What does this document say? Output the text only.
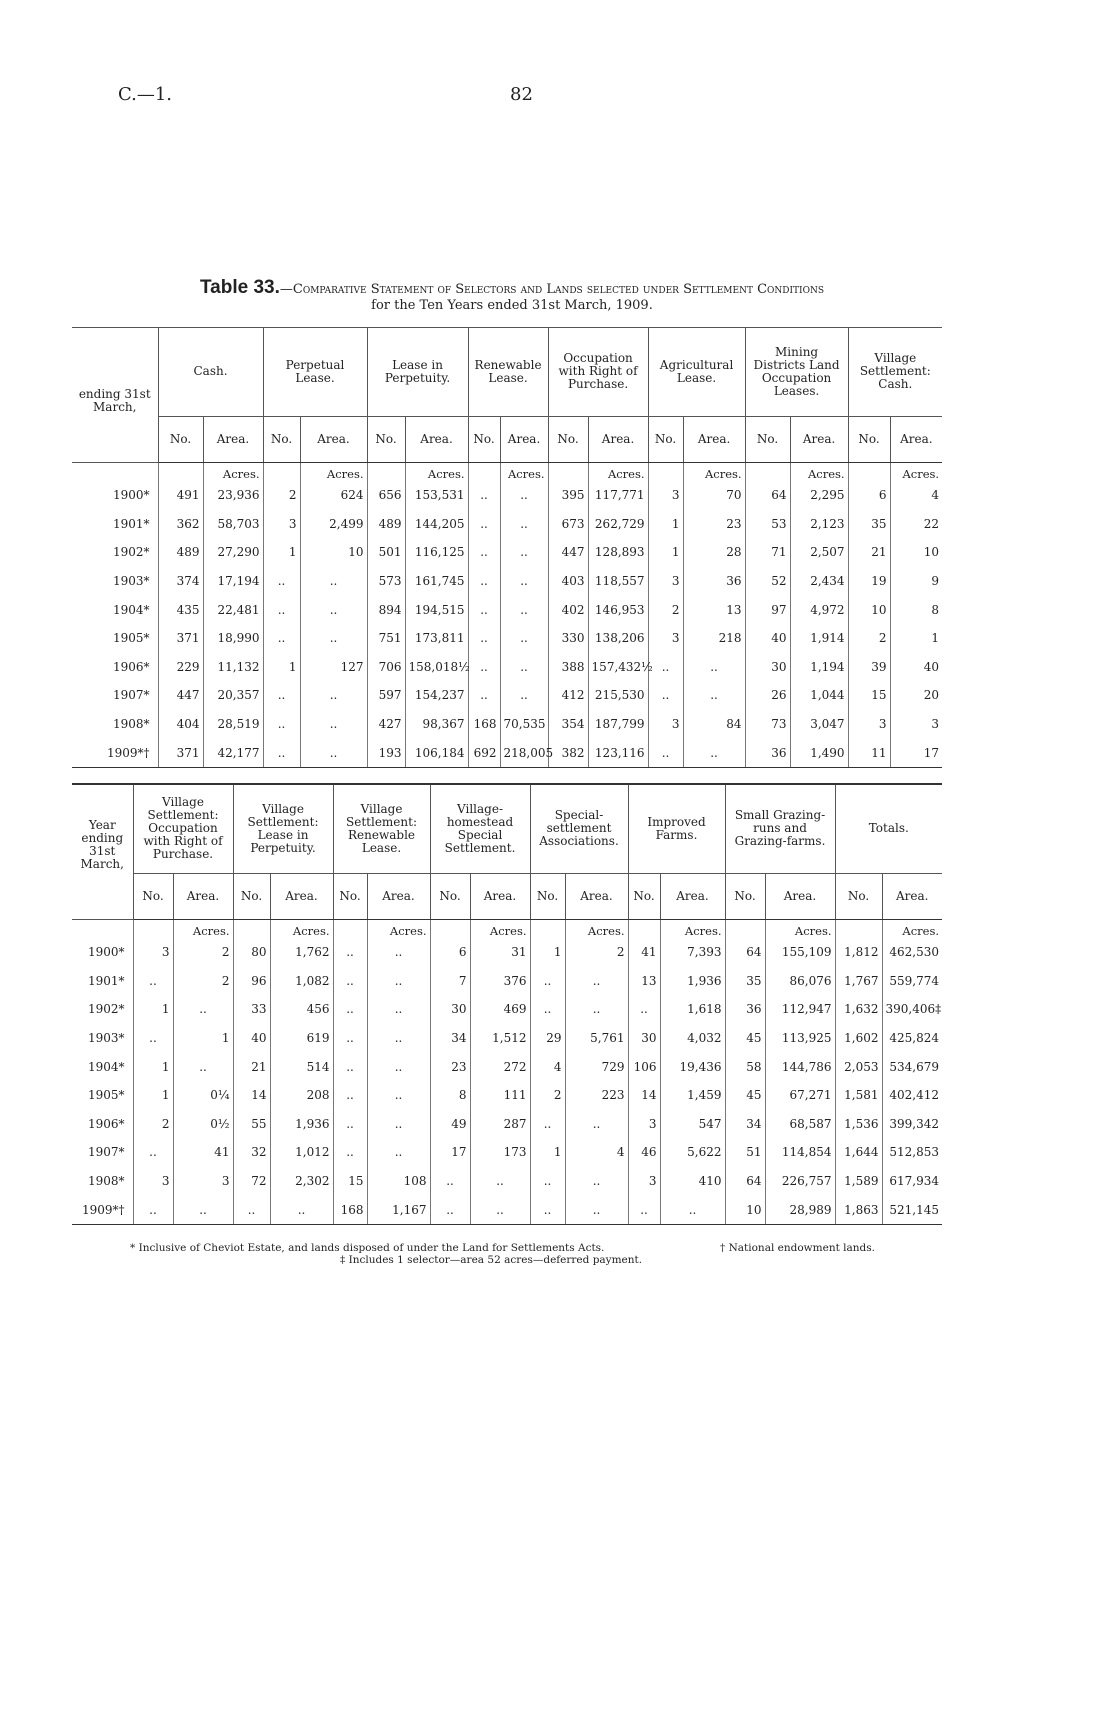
C.—1.	82
Table 33.—Comparative Statement of Selectors and Lands selected under Settlement Conditions
for the Ten Years ended 31st March, 1909.
ending 31st March,	Cash.		Perpetual Lease.		Lease in Perpetuity.		Renewable Lease.		Occupation with Right of Purchase.		Agricultural Lease.		Mining Districts Land Occupation Leases.		Village Settlement: Cash.	
	No.	Area.	No.	Area.	No.	Area.	No.	Area.	No.	Area.	No.	Area.	No.	Area.	No.	Area.
		Acres.		Acres.		Acres.		Acres.		Acres.		Acres.		Acres.		Acres.
1900*	491	23,936	2	624	656	153,531	..	..	395	117,771	3	70	64	2,295	6	4
1901*	362	58,703	3	2,499	489	144,205	..	..	673	262,729	1	23	53	2,123	35	22
1902*	489	27,290	1	10	501	116,125	..	..	447	128,893	1	28	71	2,507	21	10
1903*	374	17,194	..	..	573	161,745	..	..	403	118,557	3	36	52	2,434	19	9
1904*	435	22,481	..	..	894	194,515	..	..	402	146,953	2	13	97	4,972	10	8
1905*	371	18,990	..	..	751	173,811	..	..	330	138,206	3	218	40	1,914	2	1
1906*	229	11,132	1	127	706	158,018½	..	..	388	157,432½	..	..	30	1,194	39	40
1907*	447	20,357	..	..	597	154,237	..	..	412	215,530	..	..	26	1,044	15	20
1908*	404	28,519	..	..	427	98,367	168	70,535	354	187,799	3	84	73	3,047	3	3
1909*†	371	42,177	..	..	193	106,184	692	218,005	382	123,116	..	..	36	1,490	11	17
Year ending 31st March,	Village Settlement: Occupation with Right of Purchase.		Village Settlement: Lease in Perpetuity.		Village Settlement: Renewable Lease.		Village-homestead Special Settlement.		Special-settlement Associations.		Improved Farms.		Small Grazing-runs and Grazing-farms.		Totals.	
	No.	Area.	No.	Area.	No.	Area.	No.	Area.	No.	Area.	No.	Area.	No.	Area.	No.	Area.
		Acres.		Acres.		Acres.		Acres.		Acres.		Acres.		Acres.		Acres.
1900*	3	2	80	1,762	..	..	6	31	1	2	41	7,393	64	155,109	1,812	462,530
1901*	..	2	96	1,082	..	..	7	376	..	..	13	1,936	35	86,076	1,767	559,774
1902*	1	..	33	456	..	..	30	469	..	..	..	1,618	36	112,947	1,632	390,406‡
1903*	..	1	40	619	..	..	34	1,512	29	5,761	30	4,032	45	113,925	1,602	425,824
1904*	1	..	21	514	..	..	23	272	4	729	106	19,436	58	144,786	2,053	534,679
1905*	1	0¼	14	208	..	..	8	111	2	223	14	1,459	45	67,271	1,581	402,412
1906*	2	0½	55	1,936	..	..	49	287	..	..	3	547	34	68,587	1,536	399,342
1907*	..	41	32	1,012	..	..	17	173	1	4	46	5,622	51	114,854	1,644	512,853
1908*	3	3	72	2,302	15	108	..	..	..	..	3	410	64	226,757	1,589	617,934
1909*†	..	..	..	..	168	1,167	..	..	..	..	..	..	10	28,989	1,863	521,145
* Inclusive of Cheviot Estate, and lands disposed of under the Land for Settlements Acts.	† National endowment lands.
‡ Includes 1 selector—area 52 acres—deferred payment.
